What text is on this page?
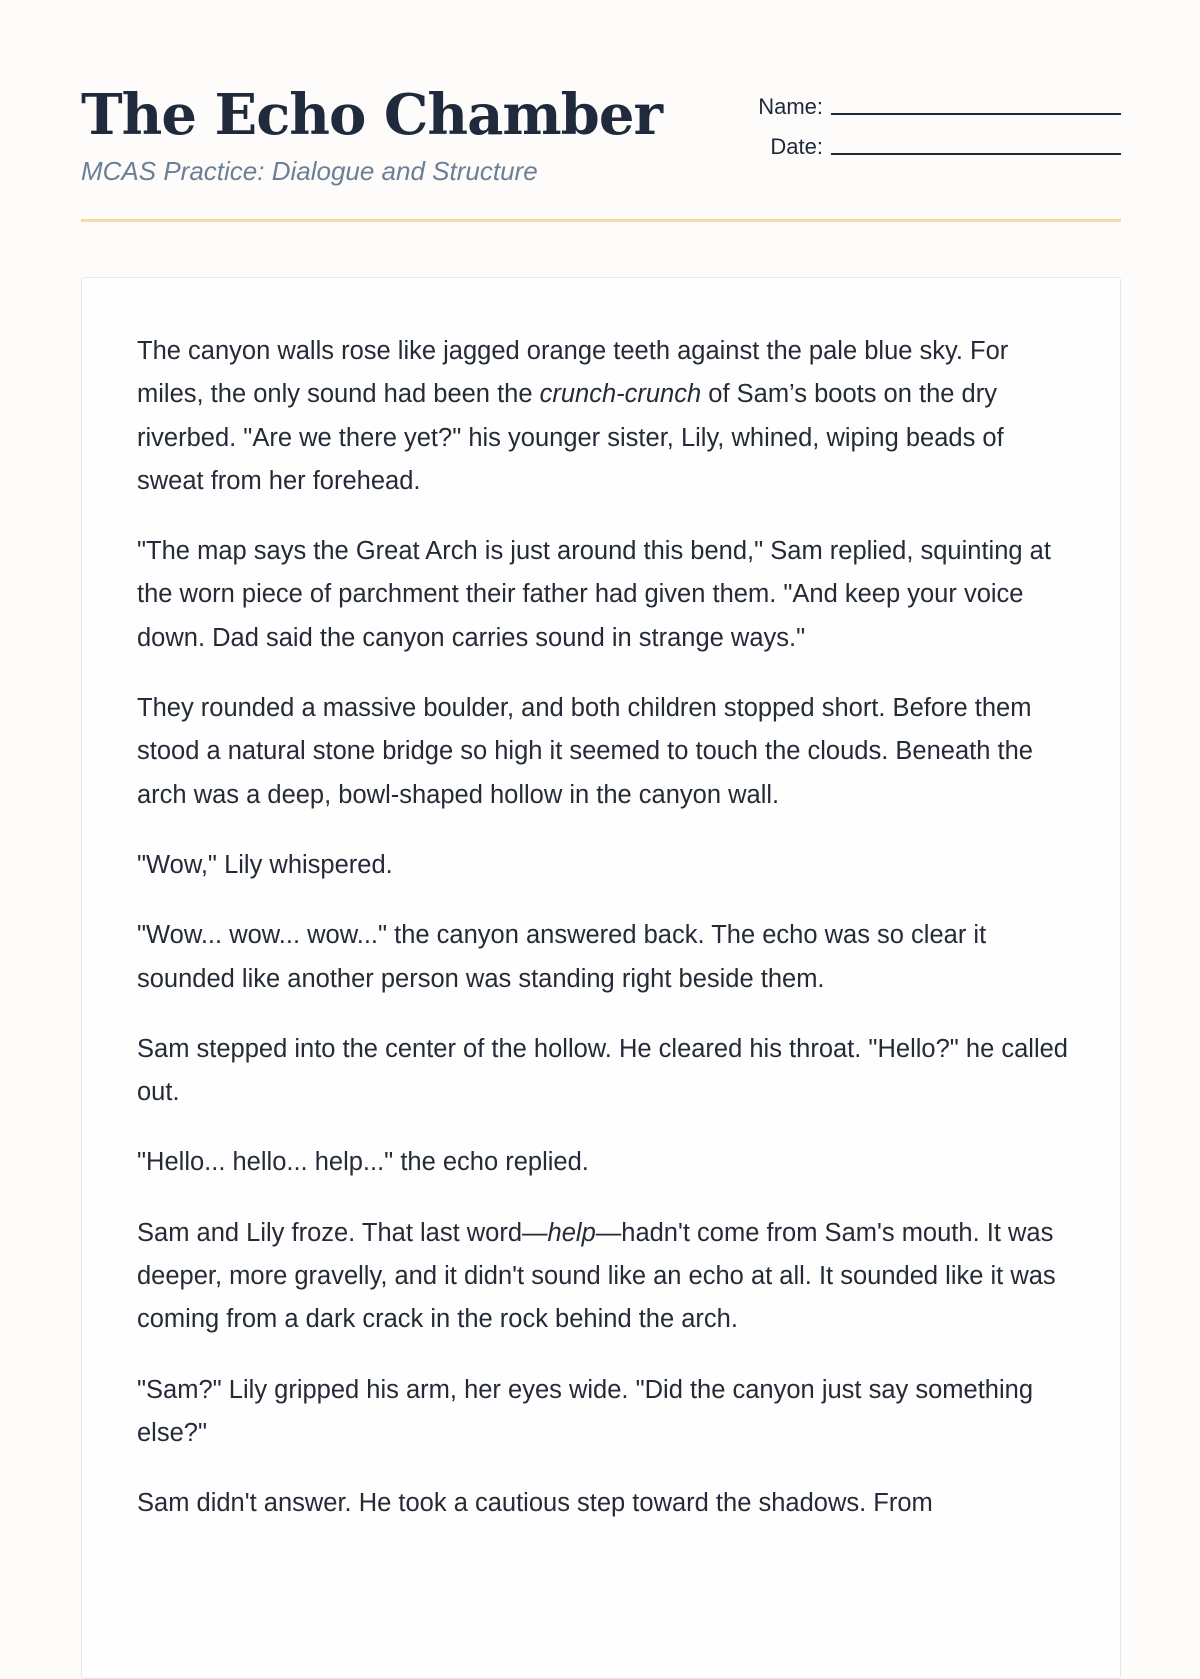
The Echo Chamber

MCAS Practice: Dialogue and Structure

Name:
Date:

The canyon walls rose like jagged orange teeth against the pale blue sky. For miles, the only sound had been the crunch-crunch of Sam’s boots on the dry riverbed. "Are we there yet?" his younger sister, Lily, whined, wiping beads of sweat from her forehead.

"The map says the Great Arch is just around this bend," Sam replied, squinting at the worn piece of parchment their father had given them. "And keep your voice down. Dad said the canyon carries sound in strange ways."

They rounded a massive boulder, and both children stopped short. Before them stood a natural stone bridge so high it seemed to touch the clouds. Beneath the arch was a deep, bowl-shaped hollow in the canyon wall.

"Wow," Lily whispered.

"Wow... wow... wow..." the canyon answered back. The echo was so clear it sounded like another person was standing right beside them.

Sam stepped into the center of the hollow. He cleared his throat. "Hello?" he called out.

"Hello... hello... help..." the echo replied.

Sam and Lily froze. That last word—help—hadn't come from Sam's mouth. It was deeper, more gravelly, and it didn't sound like an echo at all. It sounded like it was coming from a dark crack in the rock behind the arch.

"Sam?" Lily gripped his arm, her eyes wide. "Did the canyon just say something else?"

Sam didn't answer. He took a cautious step toward the shadows. From
